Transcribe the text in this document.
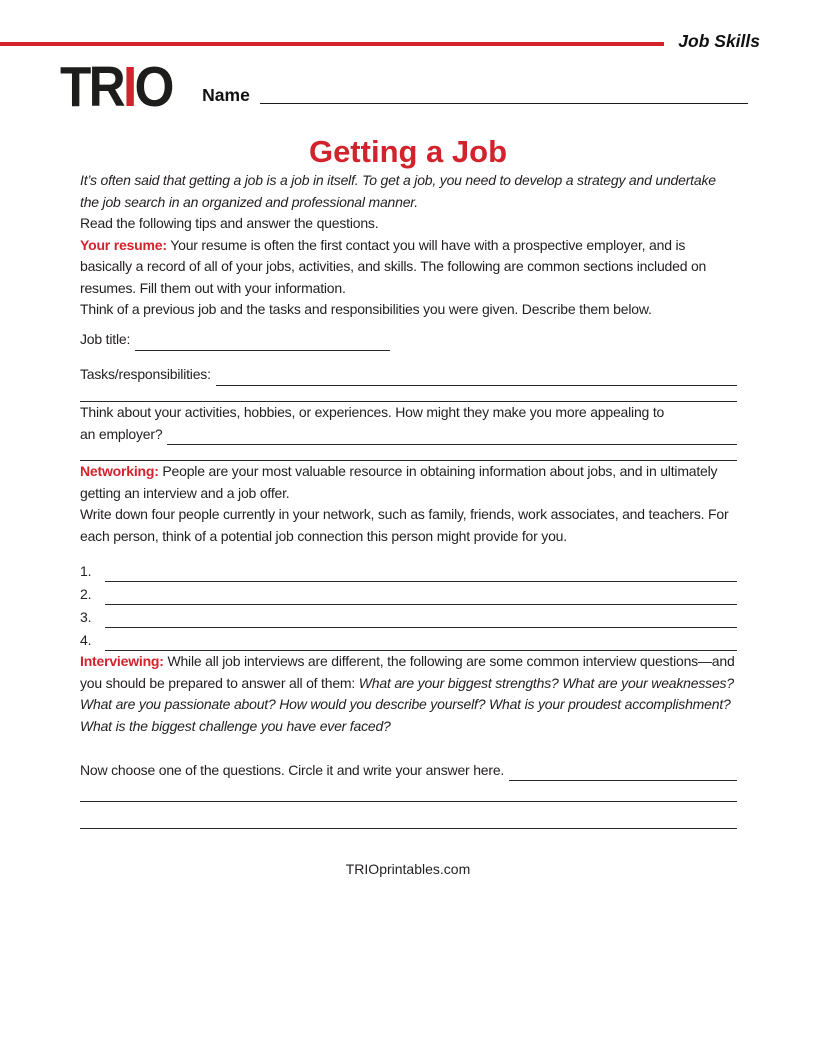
Job Skills
TRIO Name
Getting a Job

It’s often said that getting a job is a job in itself. To get a job, you need to develop a strategy and undertake the job search in an organized and professional manner.

Read the following tips and answer the questions.

Your resume: Your resume is often the first contact you will have with a prospective employer, and is basically a record of all of your jobs, activities, and skills. The following are common sections included on resumes. Fill them out with your information.

Think of a previous job and the tasks and responsibilities you were given. Describe them below.

Job title:
Tasks/responsibilities:

Think about your activities, hobbies, or experiences. How might they make you more appealing to

an employer?

Networking: People are your most valuable resource in obtaining information about jobs, and in ultimately getting an interview and a job offer.

Write down four people currently in your network, such as family, friends, work associates, and teachers. For each person, think of a potential job connection this person might provide for you.

1.
2.
3.
4.

Interviewing: While all job interviews are different, the following are some common interview questions—and you should be prepared to answer all of them: What are your biggest strengths? What are your weaknesses? What are you passionate about? How would you describe yourself? What is your proudest accomplishment? What is the biggest challenge you have ever faced?

Now choose one of the questions. Circle it and write your answer here.
TRIOprintables.com
